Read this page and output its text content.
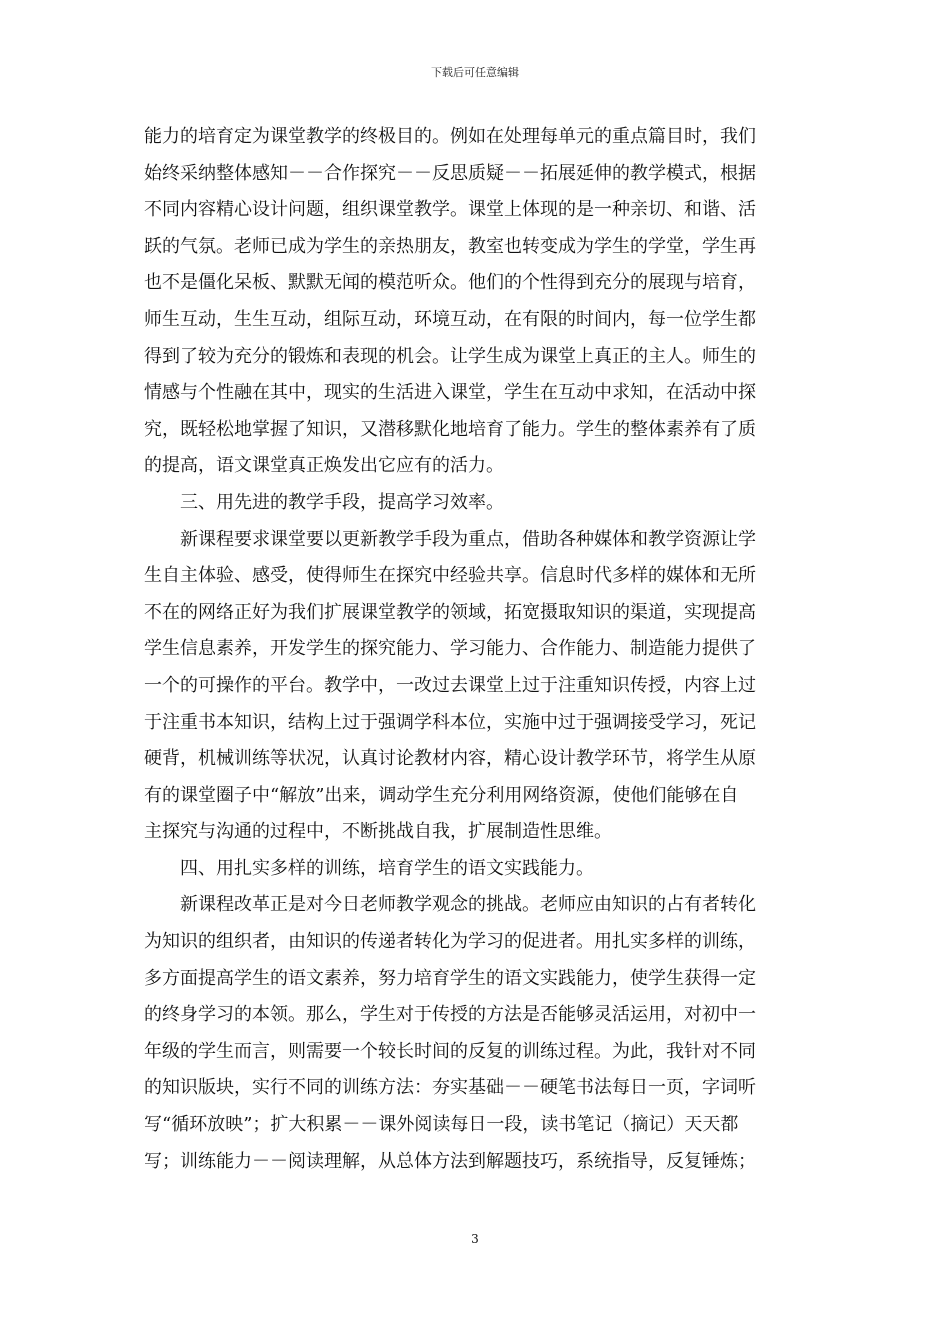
下载后可任意编辑

能力的培育定为课堂教学的终极目的。例如在处理每单元的重点篇目时，我们

始终采纳整体感知－－合作探究－－反思质疑－－拓展延伸的教学模式，根据

不同内容精心设计问题，组织课堂教学。课堂上体现的是一种亲切、和谐、活

跃的气氛。老师已成为学生的亲热朋友，教室也转变成为学生的学堂，学生再

也不是僵化呆板、默默无闻的模范听众。他们的个性得到充分的展现与培育，

师生互动，生生互动，组际互动，环境互动，在有限的时间内，每一位学生都

得到了较为充分的锻炼和表现的机会。让学生成为课堂上真正的主人。师生的

情感与个性融在其中，现实的生活进入课堂，学生在互动中求知，在活动中探

究，既轻松地掌握了知识，又潜移默化地培育了能力。学生的整体素养有了质

的提高，语文课堂真正焕发出它应有的活力。

　　三、用先进的教学手段，提高学习效率。

　　新课程要求课堂要以更新教学手段为重点，借助各种媒体和教学资源让学

生自主体验、感受，使得师生在探究中经验共享。信息时代多样的媒体和无所

不在的网络正好为我们扩展课堂教学的领域，拓宽摄取知识的渠道，实现提高

学生信息素养，开发学生的探究能力、学习能力、合作能力、制造能力提供了

一个的可操作的平台。教学中，一改过去课堂上过于注重知识传授，内容上过

于注重书本知识，结构上过于强调学科本位，实施中过于强调接受学习，死记

硬背，机械训练等状况，认真讨论教材内容，精心设计教学环节，将学生从原

有的课堂圈子中“解放”出来，调动学生充分利用网络资源，使他们能够在自

主探究与沟通的过程中，不断挑战自我，扩展制造性思维。

　　四、用扎实多样的训练，培育学生的语文实践能力。

　　新课程改革正是对今日老师教学观念的挑战。老师应由知识的占有者转化

为知识的组织者，由知识的传递者转化为学习的促进者。用扎实多样的训练，

多方面提高学生的语文素养，努力培育学生的语文实践能力，使学生获得一定

的终身学习的本领。那么，学生对于传授的方法是否能够灵活运用，对初中一

年级的学生而言，则需要一个较长时间的反复的训练过程。为此，我针对不同

的知识版块，实行不同的训练方法：夯实基础－－硬笔书法每日一页，字词听

写“循环放映”；扩大积累－－课外阅读每日一段，读书笔记（摘记）天天都

写；训练能力－－阅读理解，从总体方法到解题技巧，系统指导，反复锤炼；

3
